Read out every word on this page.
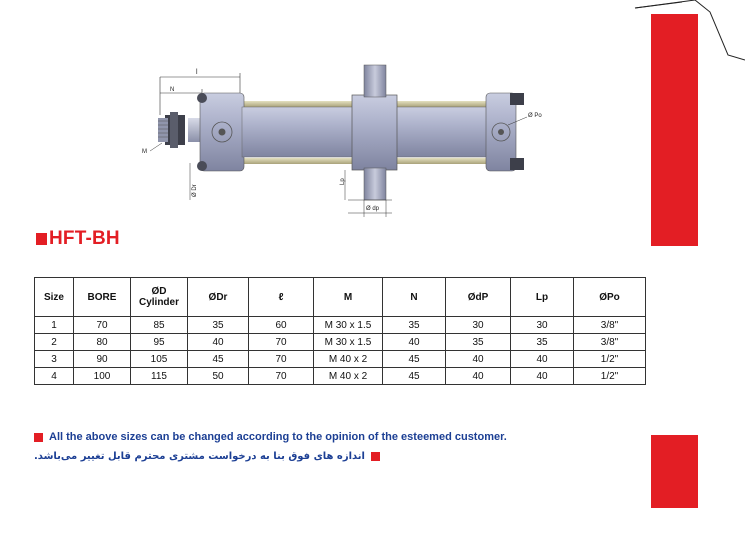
l
N
M
Ø Po
Ø Dr
Lp
Ø dp
HFT-BH
Size	BORE	ØD Cylinder	ØDr	ℓ	M	N	ØdP	Lp	ØPo
1	70	85	35	60	M 30 x 1.5	35	30	30	3/8"
2	80	95	40	70	M 30 x 1.5	40	35	35	3/8"
3	90	105	45	70	M 40 x 2	45	40	40	1/2"
4	100	115	50	70	M 40 x 2	45	40	40	1/2"
All the above sizes can be changed according to the opinion of the esteemed customer.
اندازه های فوق بنا به درخواست مشتری محترم قابل تغییر می‌باشد.
